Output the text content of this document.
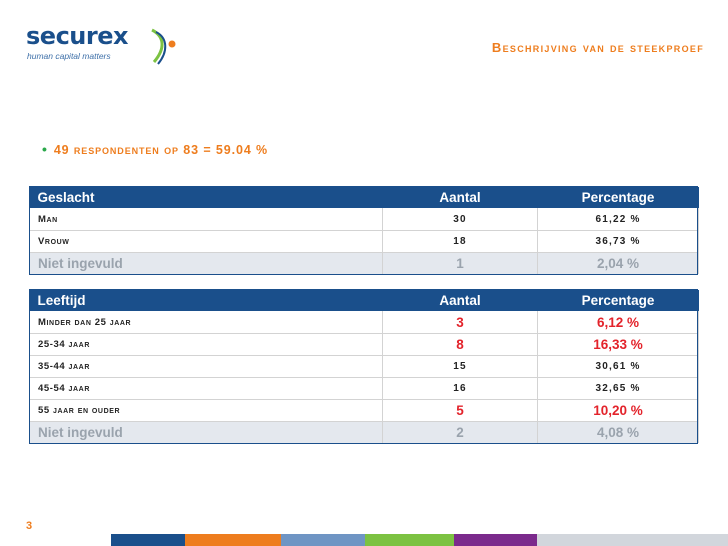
securex
human capital matters
Beschrijving van de steekproef
• 49 respondenten op 83 = 59.04 %
Geslacht	Aantal	Percentage
Man	30	61,22 %
Vrouw	18	36,73 %
Niet ingevuld	1	2,04 %
Leeftijd	Aantal	Percentage
Minder dan 25 jaar	3	6,12 %
25-34 jaar	8	16,33 %
35-44 jaar	15	30,61 %
45-54 jaar	16	32,65 %
55 jaar en ouder	5	10,20 %
Niet ingevuld	2	4,08 %
3
